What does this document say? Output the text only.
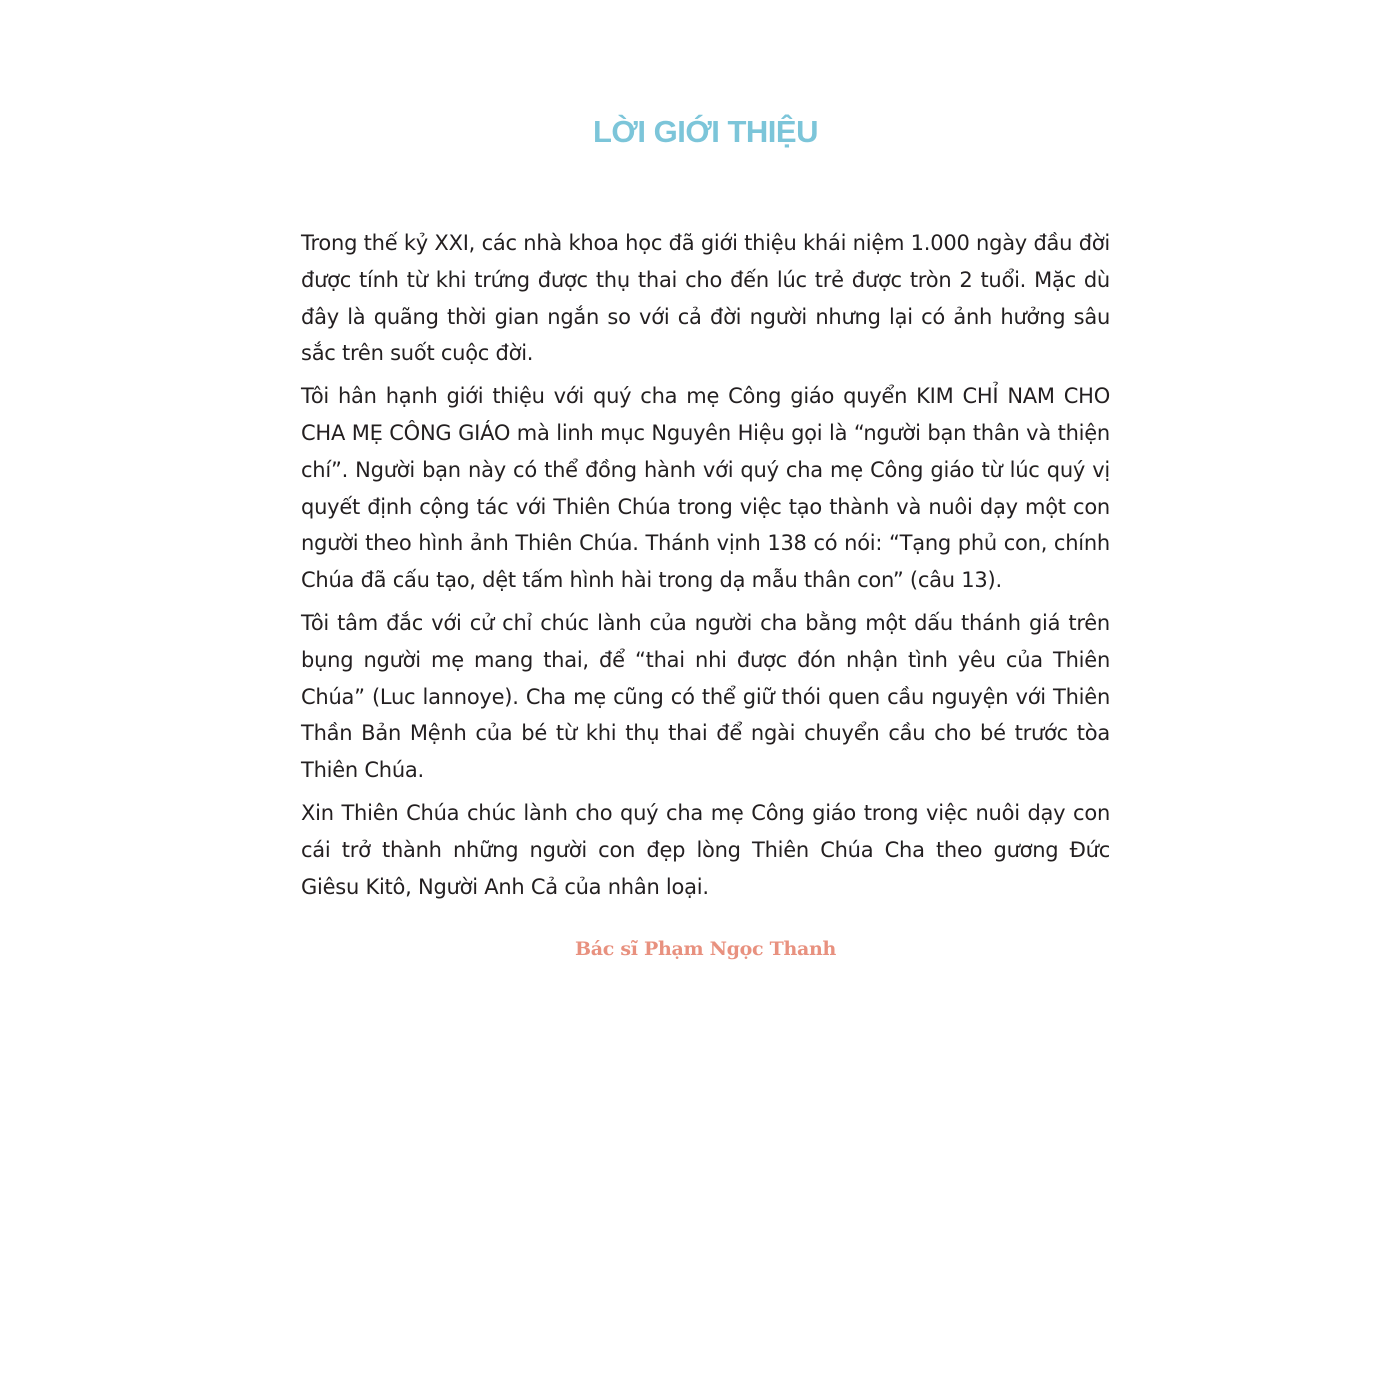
LỜI GIỚI THIỆU

Trong thế kỷ XXI, các nhà khoa học đã giới thiệu khái niệm 1.000 ngày đầu đời được tính từ khi trứng được thụ thai cho đến lúc trẻ được tròn 2 tuổi. Mặc dù đây là quãng thời gian ngắn so với cả đời người nhưng lại có ảnh hưởng sâu sắc trên suốt cuộc đời.

Tôi hân hạnh giới thiệu với quý cha mẹ Công giáo quyển KIM CHỈ NAM CHO CHA MẸ CÔNG GIÁO mà linh mục Nguyên Hiệu gọi là “người bạn thân và thiện chí”. Người bạn này có thể đồng hành với quý cha mẹ Công giáo từ lúc quý vị quyết định cộng tác với Thiên Chúa trong việc tạo thành và nuôi dạy một con người theo hình ảnh Thiên Chúa. Thánh vịnh 138 có nói: “Tạng phủ con, chính Chúa đã cấu tạo, dệt tấm hình hài trong dạ mẫu thân con” (câu 13).

Tôi tâm đắc với cử chỉ chúc lành của người cha bằng một dấu thánh giá trên bụng người mẹ mang thai, để “thai nhi được đón nhận tình yêu của Thiên Chúa” (Luc lannoye). Cha mẹ cũng có thể giữ thói quen cầu nguyện với Thiên Thần Bản Mệnh của bé từ khi thụ thai để ngài chuyển cầu cho bé trước tòa Thiên Chúa.

Xin Thiên Chúa chúc lành cho quý cha mẹ Công giáo trong việc nuôi dạy con cái trở thành những người con đẹp lòng Thiên Chúa Cha theo gương Đức Giêsu Kitô, Người Anh Cả của nhân loại.

Bác sĩ Phạm Ngọc Thanh
